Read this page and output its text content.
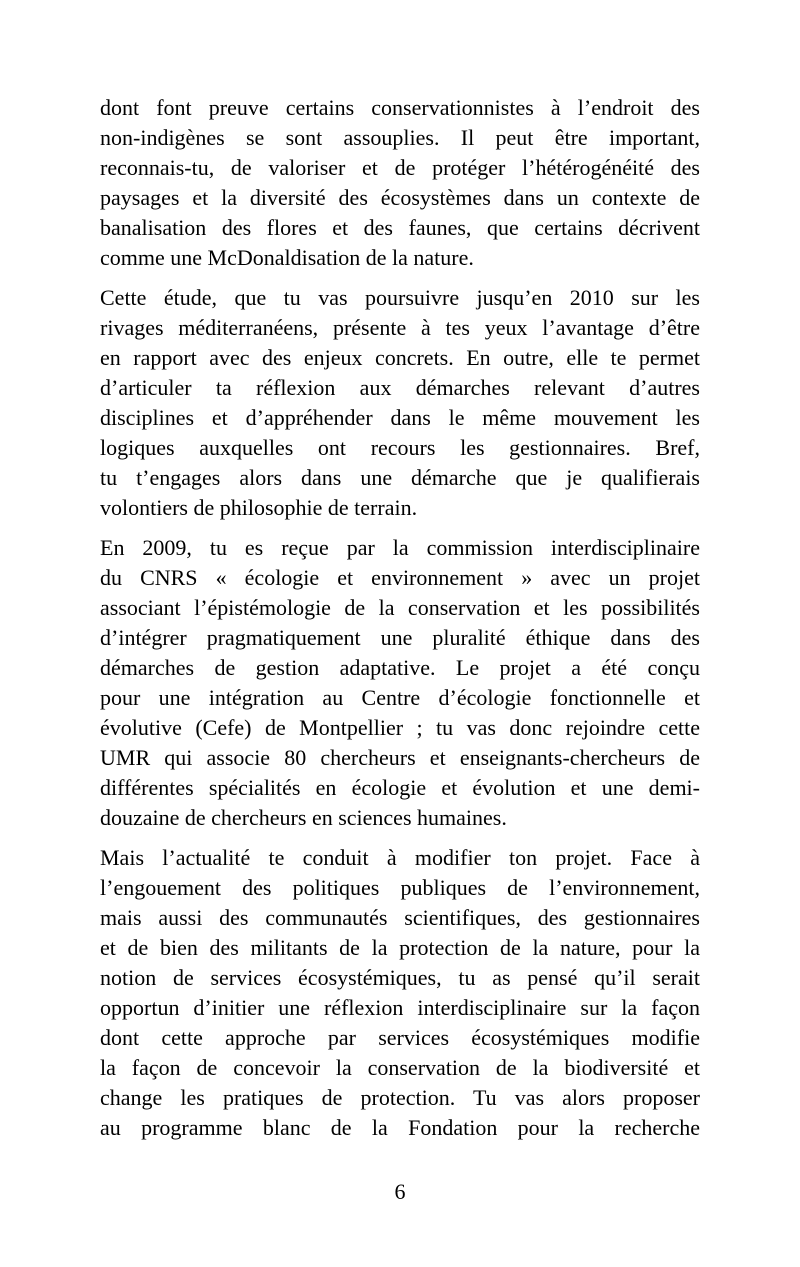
dont font preuve certains conservationnistes à l’endroit des
non-indigènes se sont assouplies. Il peut être important,
reconnais-tu, de valoriser et de protéger l’hétérogénéité des
paysages et la diversité des écosystèmes dans un contexte de
banalisation des flores et des faunes, que certains décrivent
comme une McDonaldisation de la nature.
Cette étude, que tu vas poursuivre jusqu’en 2010 sur les
rivages méditerranéens, présente à tes yeux l’avantage d’être
en rapport avec des enjeux concrets. En outre, elle te permet
d’articuler ta réflexion aux démarches relevant d’autres
disciplines et d’appréhender dans le même mouvement les
logiques auxquelles ont recours les gestionnaires. Bref,
tu t’engages alors dans une démarche que je qualifierais
volontiers de philosophie de terrain.
En 2009, tu es reçue par la commission interdisciplinaire
du CNRS « écologie et environnement » avec un projet
associant l’épistémologie de la conservation et les possibilités
d’intégrer pragmatiquement une pluralité éthique dans des
démarches de gestion adaptative. Le projet a été conçu
pour une intégration au Centre d’écologie fonctionnelle et
évolutive (Cefe) de Montpellier ; tu vas donc rejoindre cette
UMR qui associe 80 chercheurs et enseignants-chercheurs de
différentes spécialités en écologie et évolution et une demi-
douzaine de chercheurs en sciences humaines.
Mais l’actualité te conduit à modifier ton projet. Face à
l’engouement des politiques publiques de l’environnement,
mais aussi des communautés scientifiques, des gestionnaires
et de bien des militants de la protection de la nature, pour la
notion de services écosystémiques, tu as pensé qu’il serait
opportun d’initier une réflexion interdisciplinaire sur la façon
dont cette approche par services écosystémiques modifie
la façon de concevoir la conservation de la biodiversité et
change les pratiques de protection. Tu vas alors proposer
au programme blanc de la Fondation pour la recherche
6
